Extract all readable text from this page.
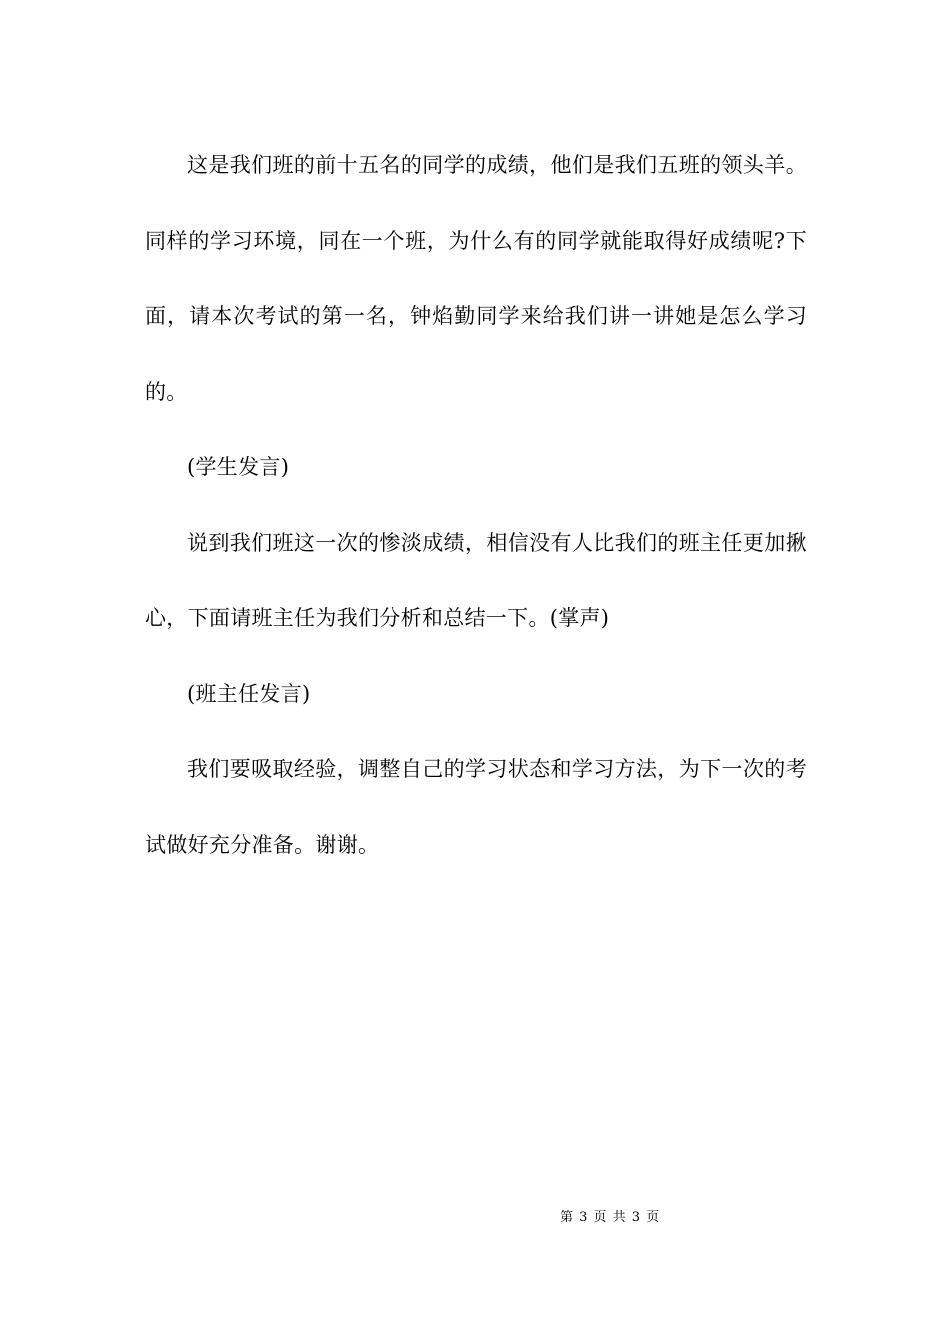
这是我们班的前十五名的同学的成绩，他们是我们五班的领头羊。同样的学习环境，同在一个班，为什么有的同学就能取得好成绩呢?下面，请本次考试的第一名，钟焰勤同学来给我们讲一讲她是怎么学习的。

(学生发言)

说到我们班这一次的惨淡成绩，相信没有人比我们的班主任更加揪心，下面请班主任为我们分析和总结一下。(掌声)

(班主任发言)

我们要吸取经验，调整自己的学习状态和学习方法，为下一次的考试做好充分准备。谢谢。

第 3 页 共 3 页
